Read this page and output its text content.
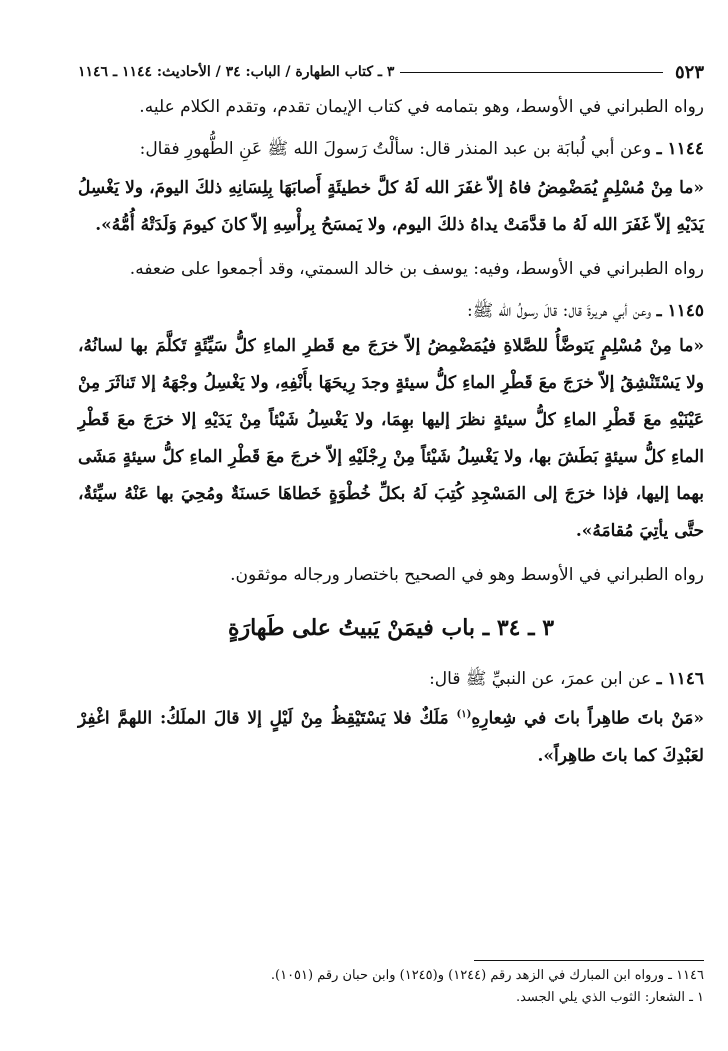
٥٢٣
٣ ـ كتاب الطهارة / الباب: ٣٤ / الأحاديث: ١١٤٤ ـ ١١٤٦

رواه الطبراني في الأوسط، وهو بتمامه في كتاب الإيمان تقدم، وتقدم الكلام عليه.

١١٤٤ ـ وعن أبي لُبابَة بن عبد المنذر قال: سألْتُ رَسولَ الله ﷺ عَنِ الطُّهورِ فقال:

«ما مِنْ مُسْلِمٍ يُمَضْمِضُ فاهُ إلاّ غفَرَ الله لَهُ كلَّ خطيئَةٍ أَصابَهَا بِلِسَانِهِ ذلكَ اليومَ، ولا يَغْسِلُ يَدَيْهِ إلاّ غَفَرَ الله لَهُ ما قدَّمَتْ يداهُ ذلكَ اليوم، ولا يَمسَحُ بِرأْسِهِ إلاّ كانَ كيومَ وَلَدَتْهُ أُمُّهُ».

رواه الطبراني في الأوسط، وفيه: يوسف بن خالد السمتي، وقد أجمعوا على ضعفه.

١١٤٥ ـ وعن أبي هريرةَ قال: قالَ رسولُ الله ﷺ:

«ما مِنْ مُسْلِمٍ يَتوضَّأُ للصَّلاةِ فيُمَضْمِضُ إلاّ خرَجَ مع قَطرِ الماءِ كلُّ سَيِّئَةٍ تَكلَّمَ بها لسانُهُ، ولا يَسْتَنْشِقُ إلاّ خرَجَ معَ قَطْرِ الماءِ كلُّ سيئةٍ وجدَ رِيحَهَا بأَنْفِهِ، ولا يَغْسِلُ وجْهَهُ إلا تَناثَرَ مِنْ عَيْنَيْهِ معَ قَطْرِ الماءِ كلُّ سيئةٍ نظرَ إليها بهِمَا، ولا يَغْسِلُ شَيْئاً مِنْ يَدَيْهِ إلا خرَجَ معَ قَطْرِ الماءِ كلُّ سيئةٍ بَطَشَ بها، ولا يَغْسِلُ شَيْئاً مِنْ رِجْلَيْهِ إلاّ خرجَ معَ قَطْرِ الماءِ كلُّ سيئةٍ مَشَى بهما إليها، فإذا خرَجَ إلى المَسْجِدِ كُتِبَ لَهُ بكلِّ خُطْوَةٍ خَطاهَا حَسنَةٌ ومُحِيَ بها عَنْهُ سيِّئةٌ، حتَّى يأتِيَ مُقامَهُ».

رواه الطبراني في الأوسط وهو في الصحيح باختصار ورجاله موثقون.

٣ ـ ٣٤ ـ باب فيمَنْ يَبيتُ على طَهارَةٍ

١١٤٦ ـ عن ابن عمرَ، عن النبيِّ ﷺ قال:

«مَنْ باتَ طاهِراً باتَ في شِعارِهِ$^{(١)}$ مَلَكٌ فلا يَسْتَيْقِظُ مِنْ لَيْلٍ إلا قالَ الملَكُ: اللهمَّ اغْفِرْ لعَبْدِكَ كما باتَ طاهِراً».

١١٤٦ ـ ورواه ابن المبارك في الزهد رقم (١٢٤٤) و(١٢٤٥) وابن حبان رقم (١٠٥١).

١ ـ الشعار: الثوب الذي يلي الجسد.
